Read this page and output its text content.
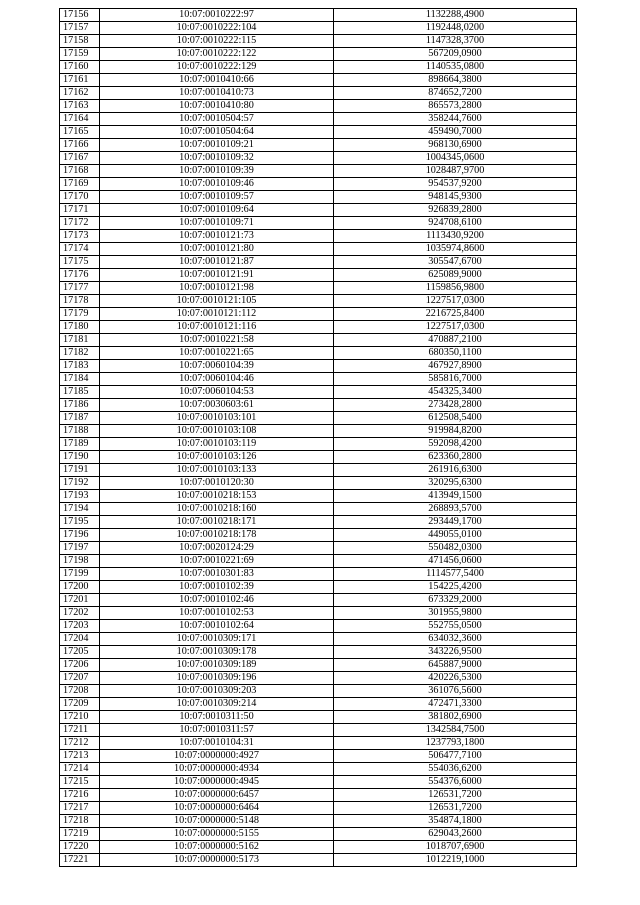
17156	10:07:0010222:97	1132288,4900
17157	10:07:0010222:104	1192448,0200
17158	10:07:0010222:115	1147328,3700
17159	10:07:0010222:122	567209,0900
17160	10:07:0010222:129	1140535,0800
17161	10:07:0010410:66	898664,3800
17162	10:07:0010410:73	874652,7200
17163	10:07:0010410:80	865573,2800
17164	10:07:0010504:57	358244,7600
17165	10:07:0010504:64	459490,7000
17166	10:07:0010109:21	968130,6900
17167	10:07:0010109:32	1004345,0600
17168	10:07:0010109:39	1028487,9700
17169	10:07:0010109:46	954537,9200
17170	10:07:0010109:57	948145,9300
17171	10:07:0010109:64	926839,2800
17172	10:07:0010109:71	924708,6100
17173	10:07:0010121:73	1113430,9200
17174	10:07:0010121:80	1035974,8600
17175	10:07:0010121:87	305547,6700
17176	10:07:0010121:91	625089,9000
17177	10:07:0010121:98	1159856,9800
17178	10:07:0010121:105	1227517,0300
17179	10:07:0010121:112	2216725,8400
17180	10:07:0010121:116	1227517,0300
17181	10:07:0010221:58	470887,2100
17182	10:07:0010221:65	680350,1100
17183	10:07:0060104:39	467927,8900
17184	10:07:0060104:46	585816,7000
17185	10:07:0060104:53	454325,3400
17186	10:07:0030603:61	273428,2800
17187	10:07:0010103:101	612508,5400
17188	10:07:0010103:108	919984,8200
17189	10:07:0010103:119	592098,4200
17190	10:07:0010103:126	623360,2800
17191	10:07:0010103:133	261916,6300
17192	10:07:0010120:30	320295,6300
17193	10:07:0010218:153	413949,1500
17194	10:07:0010218:160	268893,5700
17195	10:07:0010218:171	293449,1700
17196	10:07:0010218:178	449055,0100
17197	10:07:0020124:29	550482,0300
17198	10:07:0010221:69	471456,0600
17199	10:07:0010301:83	1114577,5400
17200	10:07:0010102:39	154225,4200
17201	10:07:0010102:46	673329,2000
17202	10:07:0010102:53	301955,9800
17203	10:07:0010102:64	552755,0500
17204	10:07:0010309:171	634032,3600
17205	10:07:0010309:178	343226,9500
17206	10:07:0010309:189	645887,9000
17207	10:07:0010309:196	420226,5300
17208	10:07:0010309:203	361076,5600
17209	10:07:0010309:214	472471,3300
17210	10:07:0010311:50	381802,6900
17211	10:07:0010311:57	1342584,7500
17212	10:07:0010104:31	1237793,1800
17213	10:07:0000000:4927	506477,7100
17214	10:07:0000000:4934	554036,6200
17215	10:07:0000000:4945	554376,6000
17216	10:07:0000000:6457	126531,7200
17217	10:07:0000000:6464	126531,7200
17218	10:07:0000000:5148	354874,1800
17219	10:07:0000000:5155	629043,2600
17220	10:07:0000000:5162	1018707,6900
17221	10:07:0000000:5173	1012219,1000
